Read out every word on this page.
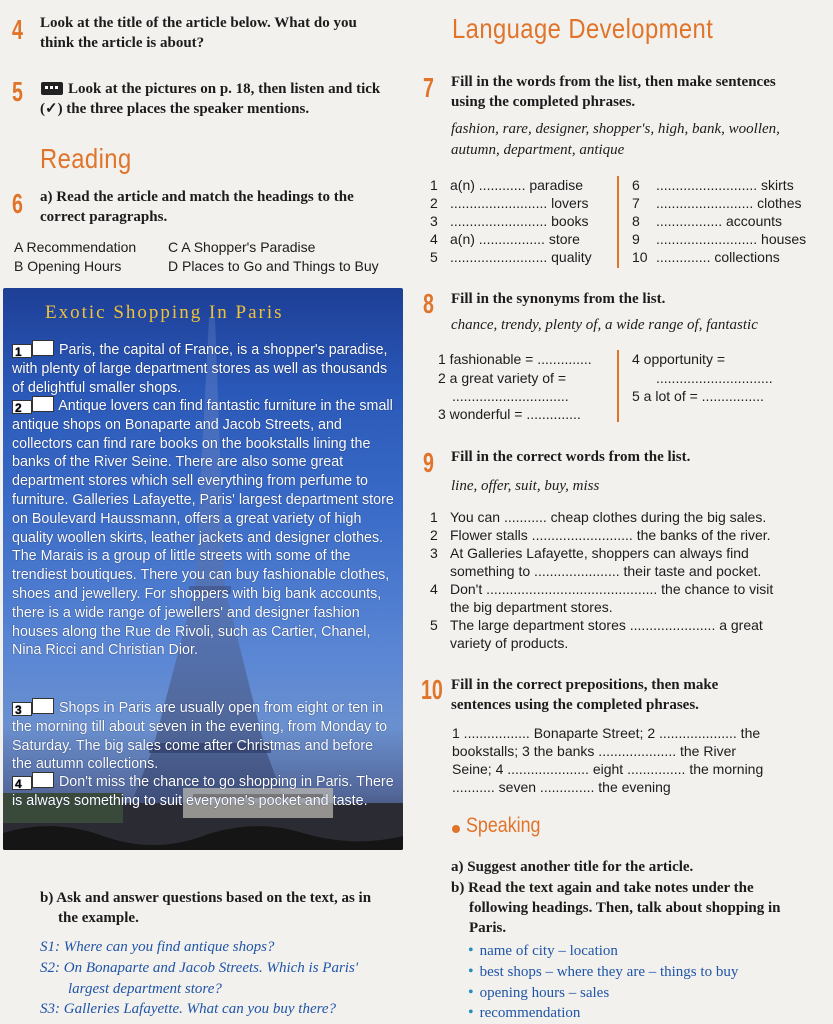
4 Look at the title of the article below. What do you think the article is about?
5	Look at the pictures on p. 18, then listen and tick (✓) the three places the speaker mentions.
Reading
6 a) Read the article and match the headings to the correct paragraphs.
A Recommendation C A Shopper's Paradise
B Opening Hours	D Places to Go and Things to Buy
Exotic Shopping In Paris
1	Paris, the capital of France, is a shopper's paradise, with plenty of large department stores as well as thousands of delightful smaller shops.
2	Antique lovers can find fantastic furniture in the small antique shops on Bonaparte and Jacob Streets, and collectors can find rare books on the bookstalls lining the banks of the River Seine. There are also some great department stores which sell everything from perfume to furniture. Galleries Lafayette, Paris' largest department store on Boulevard Haussmann, offers a great variety of high quality woollen skirts, leather jackets and designer clothes. The Marais is a group of little streets with some of the trendiest boutiques. There you can buy fashionable clothes, shoes and jewellery. For shoppers with big bank accounts, there is a wide range of jewellers' and designer fashion houses along the Rue de Rivoli, such as Cartier, Chanel, Nina Ricci and Christian Dior.
3	Shops in Paris are usually open from eight or ten in the morning till about seven in the evening, from Monday to Saturday. The big sales come after Christmas and before the autumn collections.
4	Don't miss the chance to go shopping in Paris. There is always something to suit everyone's pocket and taste.
b) Ask and answer questions based on the text, as in the example.
S1: Where can you find antique shops?
S2: On Bonaparte and Jacob Streets. Which is Paris' largest department store?
S3: Galleries Lafayette. What can you buy there?
Language Development
7 Fill in the words from the list, then make sentences using the completed phrases.
fashion, rare, designer, shopper's, high, bank, woollen, autumn, department, antique
1 a(n) ............ paradise
2 ......................... lovers
3 ......................... books
4 a(n) ................. store
5 ......................... quality
6 .......................... skirts
7 ......................... clothes
8 ................. accounts
9 .......................... houses
10 .............. collections
8 Fill in the synonyms from the list.
chance, trendy, plenty of, a wide range of, fantastic
1 fashionable = ..............
2 a great variety of =
..............................
3 wonderful = ..............
4 opportunity =
..............................
5 a lot of = ................
9 Fill in the correct words from the list.
line, offer, suit, buy, miss
1 You can ........... cheap clothes during the big sales.
2 Flower stalls .......................... the banks of the river.
3 At Galleries Lafayette, shoppers can always find
something to ...................... their taste and pocket.
4 Don't ............................................ the chance to visit
the big department stores.
5 The large department stores ...................... a great
variety of products.
10 Fill in the correct prepositions, then make sentences using the completed phrases.
1 ................. Bonaparte Street; 2 .................... the
bookstalls; 3 the banks .................... the River
Seine; 4 ..................... eight ............... the morning
........... seven .............. the evening
Speaking
a) Suggest another title for the article.
b) Read the text again and take notes under the following headings. Then, talk about shopping in Paris.
• name of city – location
• best shops – where they are – things to buy
• opening hours – sales
• recommendation
